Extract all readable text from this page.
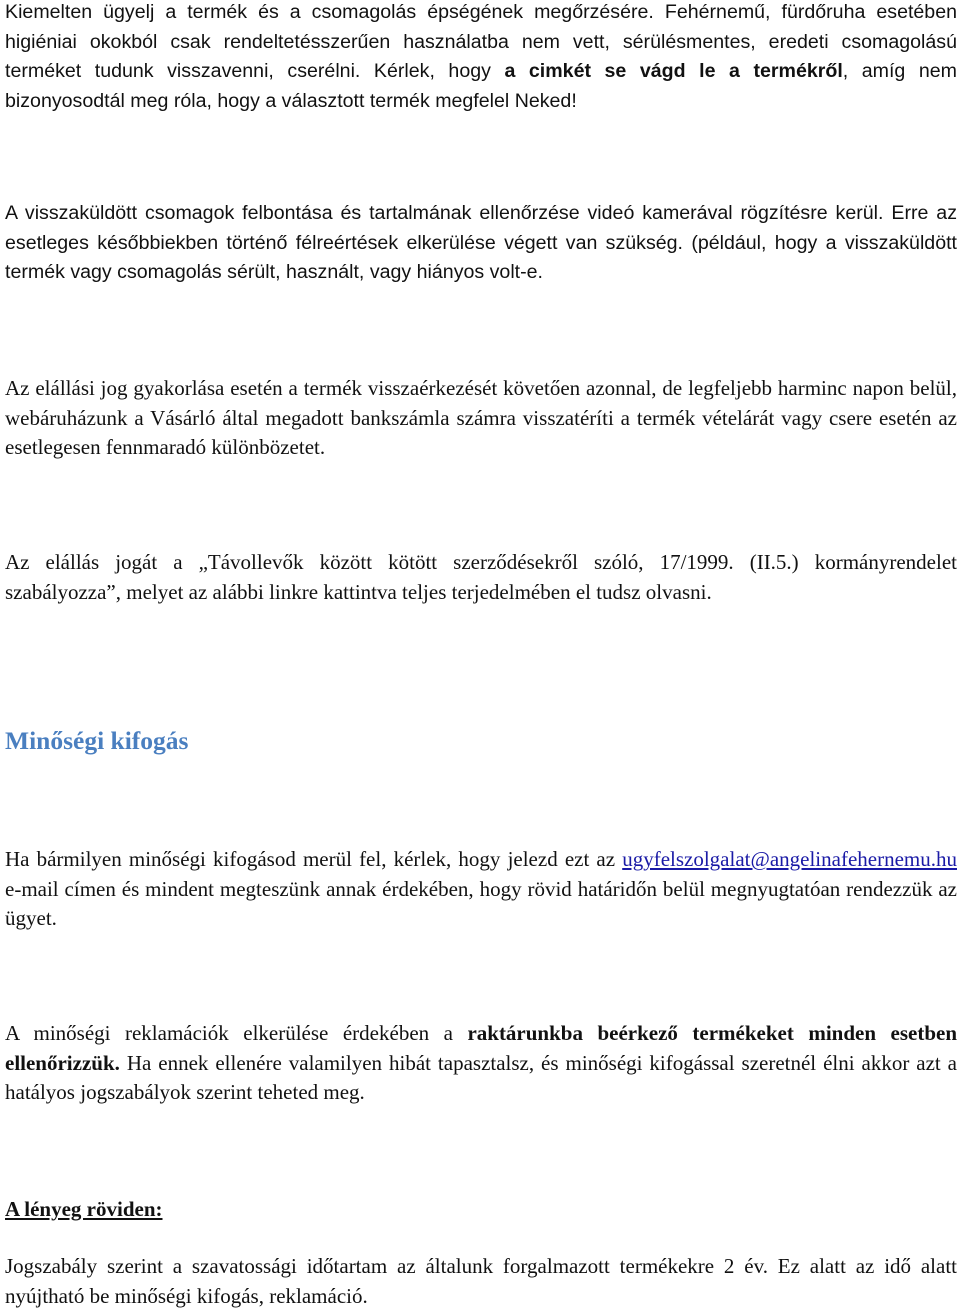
Kiemelten ügyelj a termék és a csomagolás épségének megőrzésére. Fehérnemű, fürdőruha esetében higiéniai okokból csak rendeltetésszerűen használatba nem vett, sérülésmentes, eredeti csomagolású terméket tudunk visszavenni, cserélni. Kérlek, hogy a cimkét se vágd le a termékről, amíg nem bizonyosodtál meg róla, hogy a választott termék megfelel Neked!

A visszaküldött csomagok felbontása és tartalmának ellenőrzése videó kamerával rögzítésre kerül. Erre az esetleges későbbiekben történő félreértések elkerülése végett van szükség. (például, hogy a visszaküldött termék vagy csomagolás sérült, használt, vagy hiányos volt-e.

Az elállási jog gyakorlása esetén a termék visszaérkezését követően azonnal, de legfeljebb harminc napon belül, webáruházunk a Vásárló által megadott bankszámla számra visszatéríti a termék vételárát vagy csere esetén az esetlegesen fennmaradó különbözetet.

Az elállás jogát a „Távollevők között kötött szerződésekről szóló, 17/1999. (II.5.) kormányrendelet szabályozza”, melyet az alábbi linkre kattintva teljes terjedelmében el tudsz olvasni.

Minőségi kifogás

Ha bármilyen minőségi kifogásod merül fel, kérlek, hogy jelezd ezt az ugyfelszolgalat@angelinafehernemu.hu e-mail címen és mindent megteszünk annak érdekében, hogy rövid határidőn belül megnyugtatóan rendezzük az ügyet.

A minőségi reklamációk elkerülése érdekében a raktárunkba beérkező termékeket minden esetben ellenőrizzük. Ha ennek ellenére valamilyen hibát tapasztalsz, és minőségi kifogással szeretnél élni akkor azt a hatályos jogszabályok szerint teheted meg.

A lényeg röviden:

Jogszabály szerint a szavatossági időtartam az általunk forgalmazott termékekre 2 év. Ez alatt az idő alatt nyújtható be minőségi kifogás, reklamáció.
